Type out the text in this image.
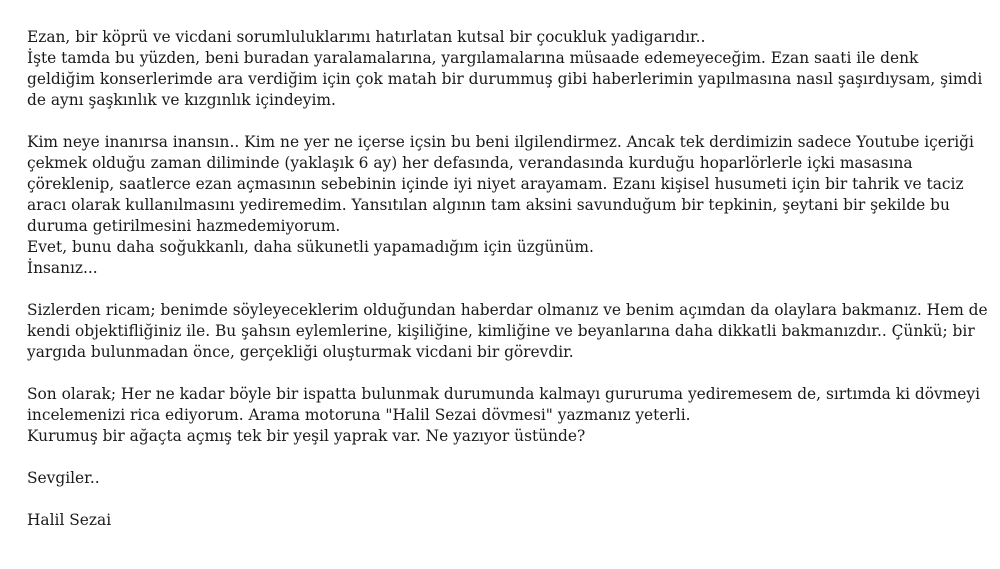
Ezan, bir köprü ve vicdani sorumluluklarımı hatırlatan kutsal bir çocukluk yadigarıdır..
İşte tamda bu yüzden, beni buradan yaralamalarına, yargılamalarına müsaade edemeyeceğim. Ezan saati ile denk geldiğim konserlerimde ara verdiğim için çok matah bir durummuş gibi haberlerimin yapılmasına nasıl şaşırdıysam, şimdi de aynı şaşkınlık ve kızgınlık içindeyim.

Kim neye inanırsa inansın.. Kim ne yer ne içerse içsin bu beni ilgilendirmez. Ancak tek derdimizin sadece Youtube içeriği çekmek olduğu zaman diliminde (yaklaşık 6 ay) her defasında, verandasında kurduğu hoparlörlerle içki masasına çöreklenip, saatlerce ezan açmasının sebebinin içinde iyi niyet arayamam. Ezanı kişisel husumeti için bir tahrik ve taciz aracı olarak kullanılmasını yediremedim. Yansıtılan algının tam aksini savunduğum bir tepkinin, şeytani bir şekilde bu duruma getirilmesini hazmedemiyorum.
Evet, bunu daha soğukkanlı, daha sükunetli yapamadığım için üzgünüm.
İnsanız...

Sizlerden ricam; benimde söyleyeceklerim olduğundan haberdar olmanız ve benim açımdan da olaylara bakmanız. Hem de kendi objektifliğiniz ile. Bu şahsın eylemlerine, kişiliğine, kimliğine ve beyanlarına daha dikkatli bakmanızdır.. Çünkü; bir yargıda bulunmadan önce, gerçekliği oluşturmak vicdani bir görevdir.

Son olarak; Her ne kadar böyle bir ispatta bulunmak durumunda kalmayı gururuma yediremesem de, sırtımda ki dövmeyi incelemenizi rica ediyorum. Arama motoruna "Halil Sezai dövmesi" yazmanız yeterli.
Kurumuş bir ağaçta açmış tek bir yeşil yaprak var. Ne yazıyor üstünde?

Sevgiler..

Halil Sezai
